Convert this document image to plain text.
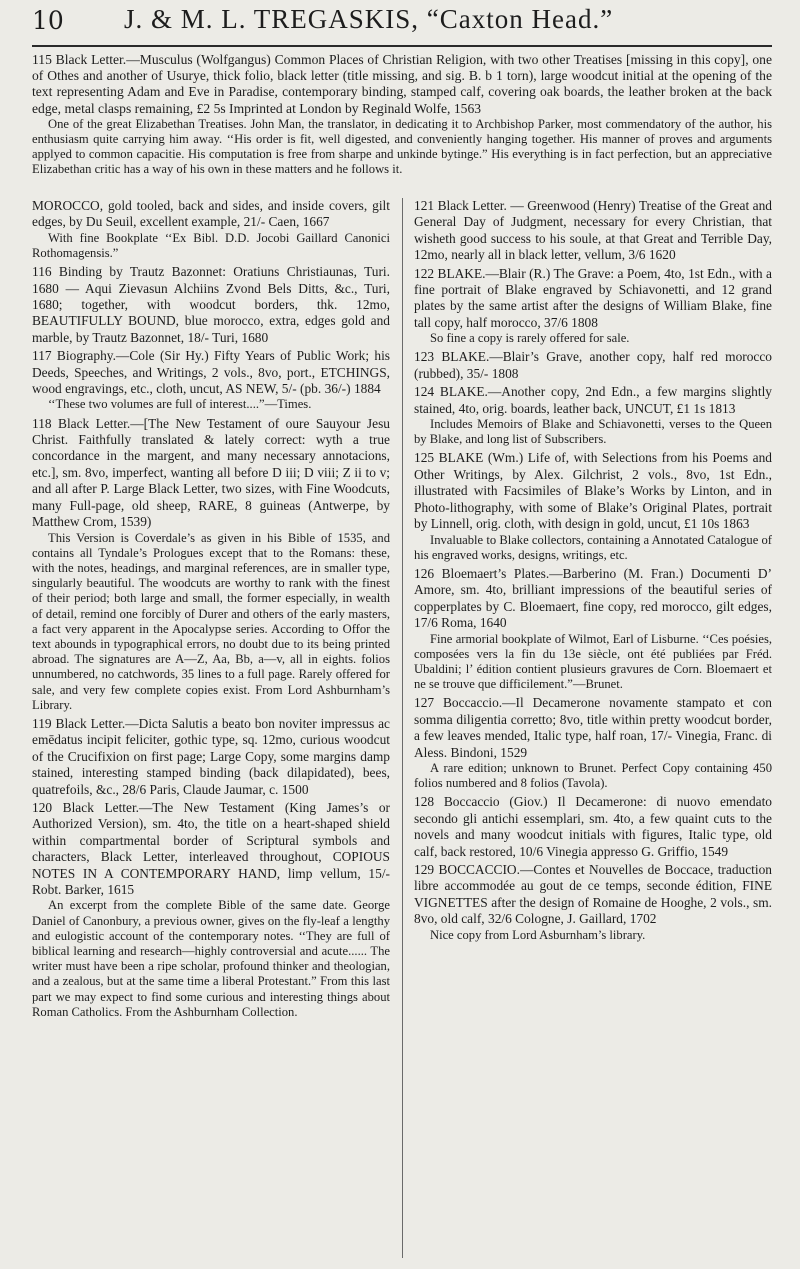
10 J. & M. L. TREGASKIS, “Caxton Head.”

115 Black Letter.—Musculus (Wolfgangus) Common Places of Christian Religion, with two other Treatises [missing in this copy], one of Othes and another of Usurye, thick folio, black letter (title missing, and sig. B. b 1 torn), large woodcut initial at the opening of the text representing Adam and Eve in Paradise, contemporary binding, stamped calf, covering oak boards, the leather broken at the back edge, metal clasps remaining, £2 5s Imprinted at London by Reginald Wolfe, 1563

One of the great Elizabethan Treatises. John Man, the translator, in dedicating it to Archbishop Parker, most commendatory of the author, his enthusiasm quite carrying him away. ‘‘His order is fit, well digested, and conveniently hanging together. His manner of proves and arguments applyed to common capacitie. His computation is free from sharpe and unkinde bytinge.” His everything is in fact perfection, but an appreciative Elizabethan critic has a way of his own in these matters and he follows it.

MOROCCO, gold tooled, back and sides, and inside covers, gilt edges, by Du Seuil, excellent example, 21/- Caen, 1667

With fine Bookplate ‘‘Ex Bibl. D.D. Jocobi Gaillard Canonici Rothomagensis.”

116 Binding by Trautz Bazonnet: Oratiuns Christiaunas, Turi. 1680 — Aqui Zievasun Alchiins Zvond Bels Ditts, &c., Turi, 1680; together, with woodcut borders, thk. 12mo, BEAUTIFULLY BOUND, blue morocco, extra, edges gold and marble, by Trautz Bazonnet, 18/- Turi, 1680

117 Biography.—Cole (Sir Hy.) Fifty Years of Public Work; his Deeds, Speeches, and Writings, 2 vols., 8vo, port., ETCHINGS, wood engravings, etc., cloth, uncut, AS NEW, 5/- (pb. 36/-) 1884

‘‘These two volumes are full of interest....”—Times.

118 Black Letter.—[The New Testament of oure Sauyour Jesu Christ. Faithfully translated & lately correct: wyth a true concordance in the margent, and many necessary annotacions, etc.], sm. 8vo, imperfect, wanting all before D iii; D viii; Z ii to v; and all after P. Large Black Letter, two sizes, with Fine Woodcuts, many Full-page, old sheep, RARE, 8 guineas (Antwerpe, by Matthew Crom, 1539)

This Version is Coverdale’s as given in his Bible of 1535, and contains all Tyndale’s Prologues except that to the Romans: these, with the notes, headings, and marginal references, are in smaller type, singularly beautiful. The woodcuts are worthy to rank with the finest of their period; both large and small, the former especially, in wealth of detail, remind one forcibly of Durer and others of the early masters, a fact very apparent in the Apocalypse series. According to Offor the text abounds in typographical errors, no doubt due to its being printed abroad. The signatures are A—Z, Aa, Bb, a—v, all in eights. folios unnumbered, no catchwords, 35 lines to a full page. Rarely offered for sale, and very few complete copies exist. From Lord Ashburnham’s Library.

119 Black Letter.—Dicta Salutis a beato bon noviter impressus ac emēdatus incipit feliciter, gothic type, sq. 12mo, curious woodcut of the Crucifixion on first page; Large Copy, some margins damp stained, interesting stamped binding (back dilapidated), bees, quatrefoils, &c., 28/6 Paris, Claude Jaumar, c. 1500

120 Black Letter.—The New Testament (King James’s or Authorized Version), sm. 4to, the title on a heart-shaped shield within compartmental border of Scriptural symbols and characters, Black Letter, interleaved throughout, COPIOUS NOTES IN A CONTEMPORARY HAND, limp vellum, 15/- Robt. Barker, 1615

An excerpt from the complete Bible of the same date. George Daniel of Canonbury, a previous owner, gives on the fly-leaf a lengthy and eulogistic account of the contemporary notes. ‘‘They are full of biblical learning and research—highly controversial and acute...... The writer must have been a ripe scholar, profound thinker and theologian, and a zealous, but at the same time a liberal Protestant.” From this last part we may expect to find some curious and interesting things about Roman Catholics. From the Ashburnham Collection.

121 Black Letter. — Greenwood (Henry) Treatise of the Great and General Day of Judgment, necessary for every Christian, that wisheth good success to his soule, at that Great and Terrible Day, 12mo, nearly all in black letter, vellum, 3/6 1620

122 BLAKE.—Blair (R.) The Grave: a Poem, 4to, 1st Edn., with a fine portrait of Blake engraved by Schiavonetti, and 12 grand plates by the same artist after the designs of William Blake, fine tall copy, half morocco, 37/6 1808

So fine a copy is rarely offered for sale.

123 BLAKE.—Blair’s Grave, another copy, half red morocco (rubbed), 35/- 1808

124 BLAKE.—Another copy, 2nd Edn., a few margins slightly stained, 4to, orig. boards, leather back, UNCUT, £1 1s 1813

Includes Memoirs of Blake and Schiavonetti, verses to the Queen by Blake, and long list of Subscribers.

125 BLAKE (Wm.) Life of, with Selections from his Poems and Other Writings, by Alex. Gilchrist, 2 vols., 8vo, 1st Edn., illustrated with Facsimiles of Blake’s Works by Linton, and in Photo-lithography, with some of Blake’s Original Plates, portrait by Linnell, orig. cloth, with design in gold, uncut, £1 10s 1863

Invaluable to Blake collectors, containing a Annotated Catalogue of his engraved works, designs, writings, etc.

126 Bloemaert’s Plates.—Barberino (M. Fran.) Documenti D’ Amore, sm. 4to, brilliant impressions of the beautiful series of copperplates by C. Bloemaert, fine copy, red morocco, gilt edges, 17/6 Roma, 1640

Fine armorial bookplate of Wilmot, Earl of Lisburne. ‘‘Ces poésies, composées vers la fin du 13e siècle, ont été publiées par Fréd. Ubaldini; l’ édition contient plusieurs gravures de Corn. Bloemaert et ne se trouve que difficilement.”—Brunet.

127 Boccaccio.—Il Decamerone novamente stampato et con somma diligentia corretto; 8vo, title within pretty woodcut border, a few leaves mended, Italic type, half roan, 17/- Vinegia, Franc. di Aless. Bindoni, 1529

A rare edition; unknown to Brunet. Perfect Copy containing 450 folios numbered and 8 folios (Tavola).

128 Boccaccio (Giov.) Il Decamerone: di nuovo emendato secondo gli antichi essemplari, sm. 4to, a few quaint cuts to the novels and many woodcut initials with figures, Italic type, old calf, back restored, 10/6 Vinegia appresso G. Griffio, 1549

129 BOCCACCIO.—Contes et Nouvelles de Boccace, traduction libre accommodée au gout de ce temps, seconde édition, FINE VIGNETTES after the design of Romaine de Hooghe, 2 vols., sm. 8vo, old calf, 32/6 Cologne, J. Gaillard, 1702

Nice copy from Lord Asburnham’s library.
